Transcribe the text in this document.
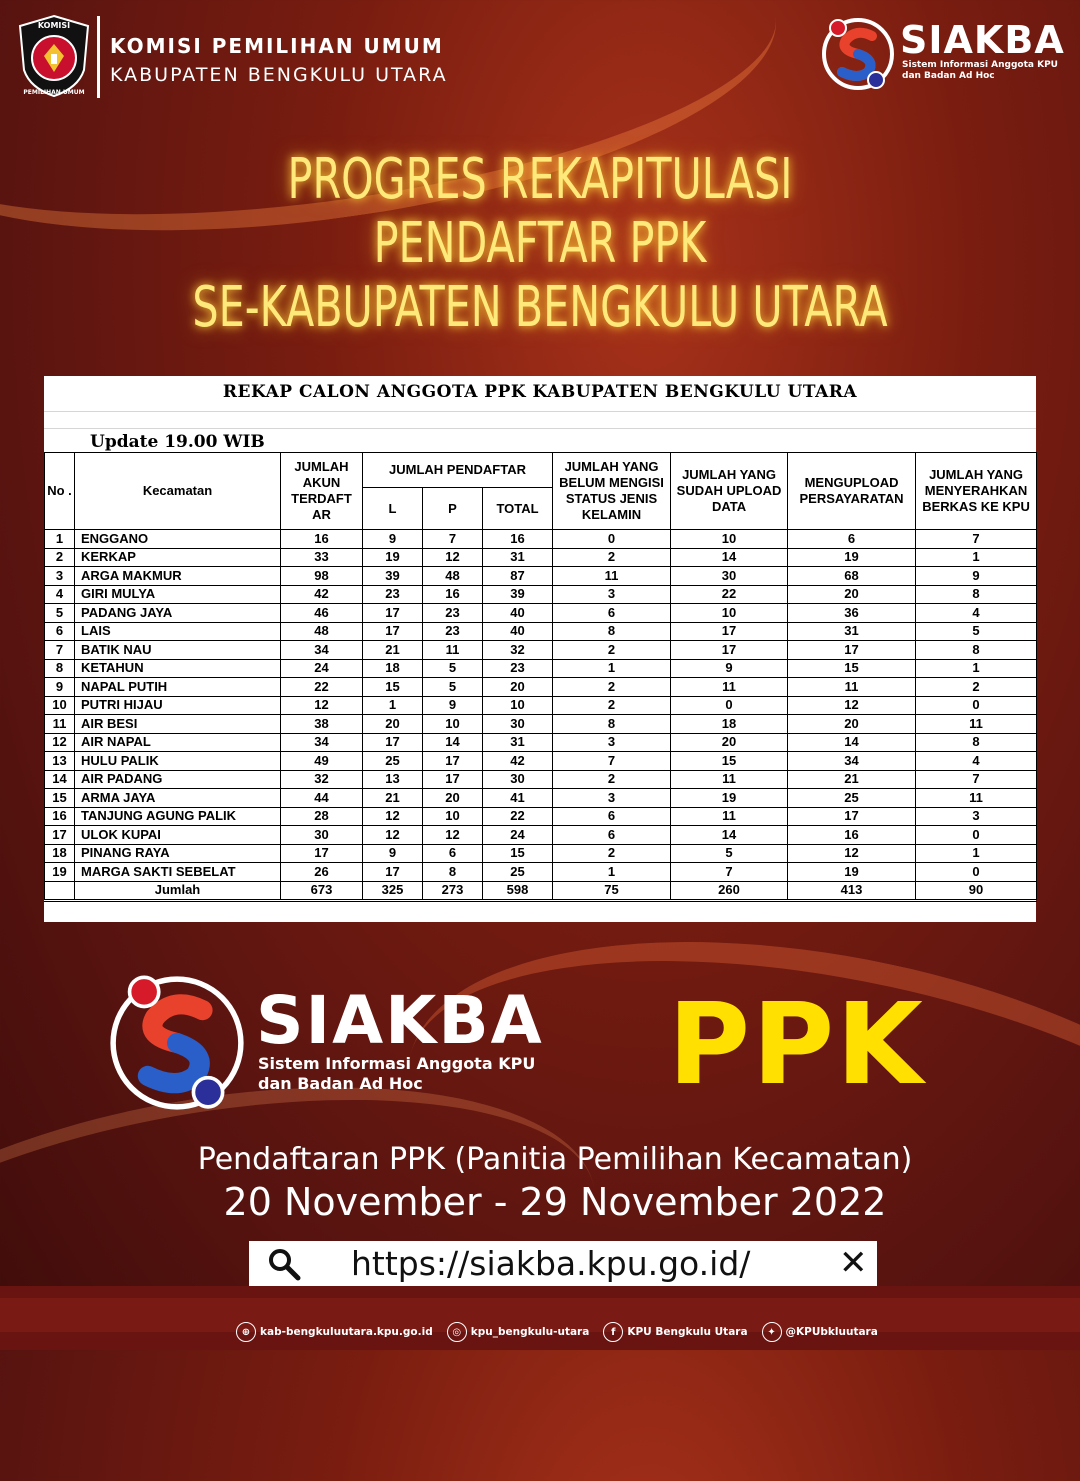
KOMISI
PEMILIHAN UMUM
KOMISI PEMILIHAN UMUM
KABUPATEN BENGKULU UTARA
SIAKBA
Sistem Informasi Anggota KPU
dan Badan Ad Hoc
PROGRES REKAPITULASI
PENDAFTAR PPK
SE-KABUPATEN BENGKULU UTARA
REKAP CALON ANGGOTA PPK KABUPATEN BENGKULU UTARA
Update 19.00 WIB
No .	Kecamatan	JUMLAH AKUN TERDAFT AR	JUMLAH PENDAFTAR			JUMLAH YANG BELUM MENGISI STATUS JENIS KELAMIN	JUMLAH YANG SUDAH UPLOAD DATA	MENGUPLOAD PERSAYARATAN	JUMLAH YANG MENYERAHKAN BERKAS KE KPU
			L	P	TOTAL				
1	ENGGANO	16	9	7	16	0	10	6	7
2	KERKAP	33	19	12	31	2	14	19	1
3	ARGA MAKMUR	98	39	48	87	11	30	68	9
4	GIRI MULYA	42	23	16	39	3	22	20	8
5	PADANG JAYA	46	17	23	40	6	10	36	4
6	LAIS	48	17	23	40	8	17	31	5
7	BATIK NAU	34	21	11	32	2	17	17	8
8	KETAHUN	24	18	5	23	1	9	15	1
9	NAPAL PUTIH	22	15	5	20	2	11	11	2
10	PUTRI HIJAU	12	1	9	10	2	0	12	0
11	AIR BESI	38	20	10	30	8	18	20	11
12	AIR NAPAL	34	17	14	31	3	20	14	8
13	HULU PALIK	49	25	17	42	7	15	34	4
14	AIR PADANG	32	13	17	30	2	11	21	7
15	ARMA JAYA	44	21	20	41	3	19	25	11
16	TANJUNG AGUNG PALIK	28	12	10	22	6	11	17	3
17	ULOK KUPAI	30	12	12	24	6	14	16	0
18	PINANG RAYA	17	9	6	15	2	5	12	1
19	MARGA SAKTI SEBELAT	26	17	8	25	1	7	19	0
	Jumlah	673	325	273	598	75	260	413	90
SIAKBA
Sistem Informasi Anggota KPU
dan Badan Ad Hoc	PPK
Pendaftaran PPK (Panitia Pemilihan Kecamatan)
20 November - 29 November 2022
https://siakba.kpu.go.id/	✕
⊕ kab-bengkuluutara.kpu.go.id	◎ kpu_bengkulu-utara	f	KPU Bengkulu Utara	✦ @KPUbkluutara
